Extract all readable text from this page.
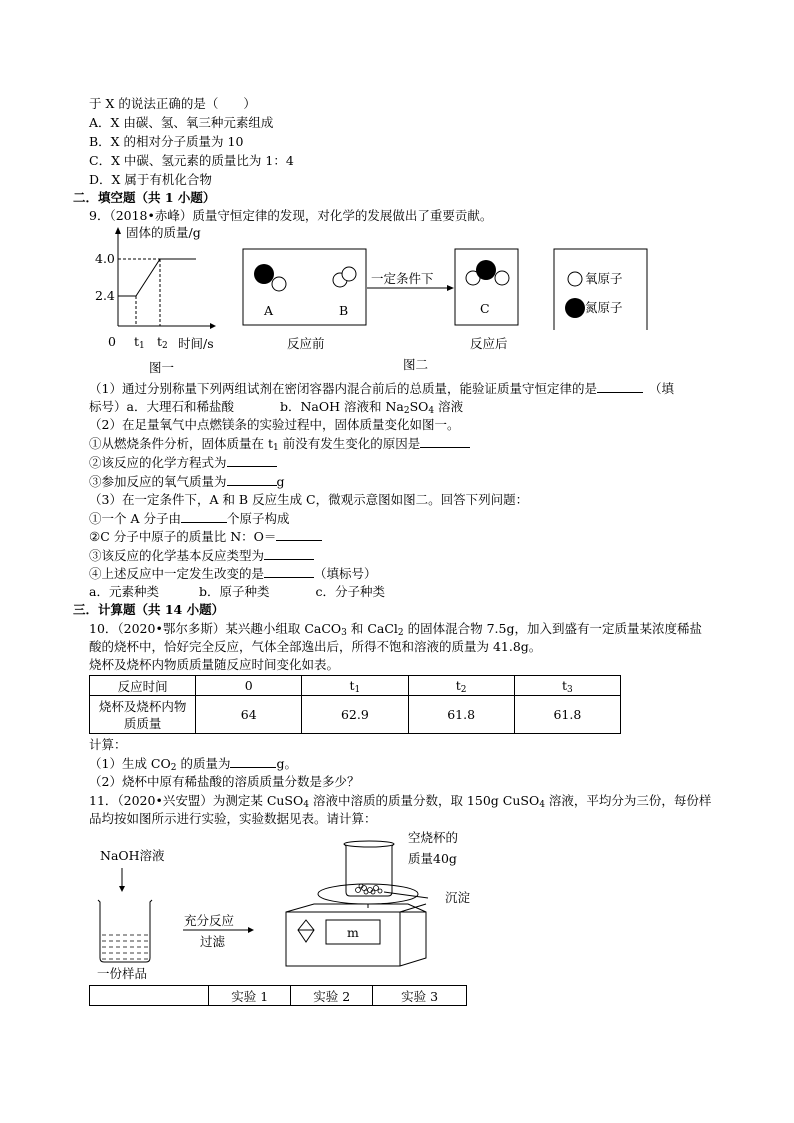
于 X 的说法正确的是（　　）
A．X 由碳、氢、氧三种元素组成
B．X 的相对分子质量为 10
C．X 中碳、氢元素的质量比为 1：4
D．X 属于有机化合物
二．填空题（共 1 小题）
9．（2018•赤峰）质量守恒定律的发现，对化学的发展做出了重要贡献。
固体的质量/g
4.0
2.4
0 $t_1$ $t_2$ 时间/s
图一
A	B	C
一定条件下	氧原子
氮原子
反应前
图二
反应后
（1）通过分别称量下列两组试剂在密闭容器内混合前后的总质量，能验证质量守恒定律的是	（填
标号）a．大理石和稀盐酸	b．NaOH 溶液和 $Na_2SO_4$ 溶液
（2）在足量氧气中点燃镁条的实验过程中，固体质量变化如图一。
①从燃烧条件分析，固体质量在 $t_1$ 前没有发生变化的原因是
②该反应的化学方程式为
③参加反应的氧气质量为	g
（3）在一定条件下，A 和 B 反应生成 C，微观示意图如图二。回答下列问题：
①一个 A 分子由	个原子构成
②C 分子中原子的质量比 N：O＝
③该反应的化学基本反应类型为
④上述反应中一定发生改变的是	（填标号）
a．元素种类	b．原子种类	c．分子种类
三．计算题（共 14 小题）
10．（2020•鄂尔多斯）某兴趣小组取 CaCO$_3$ 和 CaCl$_2$ 的固体混合物 7.5g，加入到盛有一定质量某浓度稀盐
酸的烧杯中，恰好完全反应，气体全部逸出后，所得不饱和溶液的质量为 41.8g。
烧杯及烧杯内物质质量随反应时间变化如表。
反应时间	0	$t_1$	$t_2$	$t_3$
烧杯及烧杯内物质质量	64	62.9	61.8	61.8
计算：
（1）生成 $CO_2$ 的质量为	g。
（2）烧杯中原有稀盐酸的溶质质量分数是多少？
11．（2020•兴安盟）为测定某 CuSO$_4$ 溶液中溶质的质量分数，取 150g CuSO$_4$ 溶液，平均分为三份，每份样
品均按如图所示进行实验，实验数据见表。请计算：
NaOH溶液
一份样品
充分反应
过滤
空烧杯的
质量40g
沉淀
m
	实验 1	实验 2	实验 3
